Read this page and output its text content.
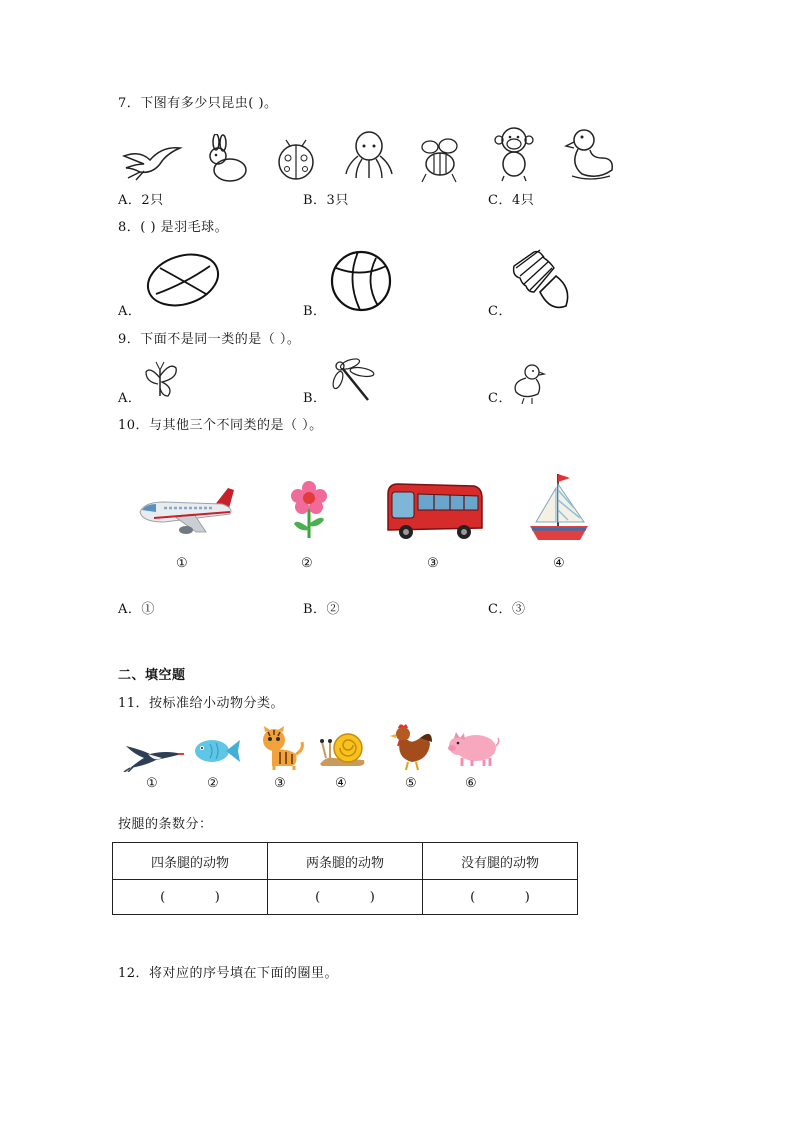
7．下图有多少只昆虫( )。
A．2只	B．3只	C．4只
8．( ) 是羽毛球。
A．	B．	C．
9．下面不是同一类的是（ ）。
A．	B．	C．
10．与其他三个不同类的是（ ）。
①	②	③	④
A．①	B．②	C．③
二、填空题
11．按标准给小动物分类。
①	②	③	④	⑤	⑥
按腿的条数分：
四条腿的动物	两条腿的动物	没有腿的动物
(            )	(            )	(            )
12．将对应的序号填在下面的圈里。
